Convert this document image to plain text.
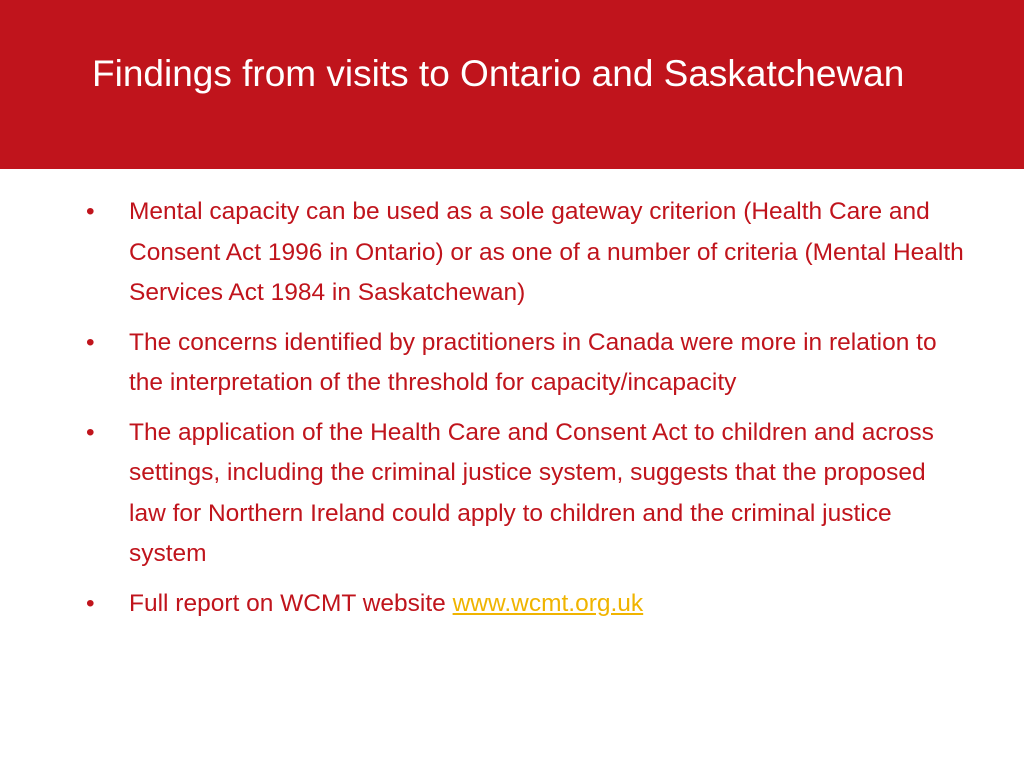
Findings from visits to Ontario and Saskatchewan
• Mental capacity can be used as a sole gateway criterion (Health Care and Consent Act 1996 in Ontario) or as one of a number of criteria (Mental Health Services Act 1984 in Saskatchewan)
• The concerns identified by practitioners in Canada were more in relation to the interpretation of the threshold for capacity/incapacity
• The application of the Health Care and Consent Act to children and across settings, including the criminal justice system, suggests that the proposed law for Northern Ireland could apply to children and the criminal justice system
• Full report on WCMT website www.wcmt.org.uk
